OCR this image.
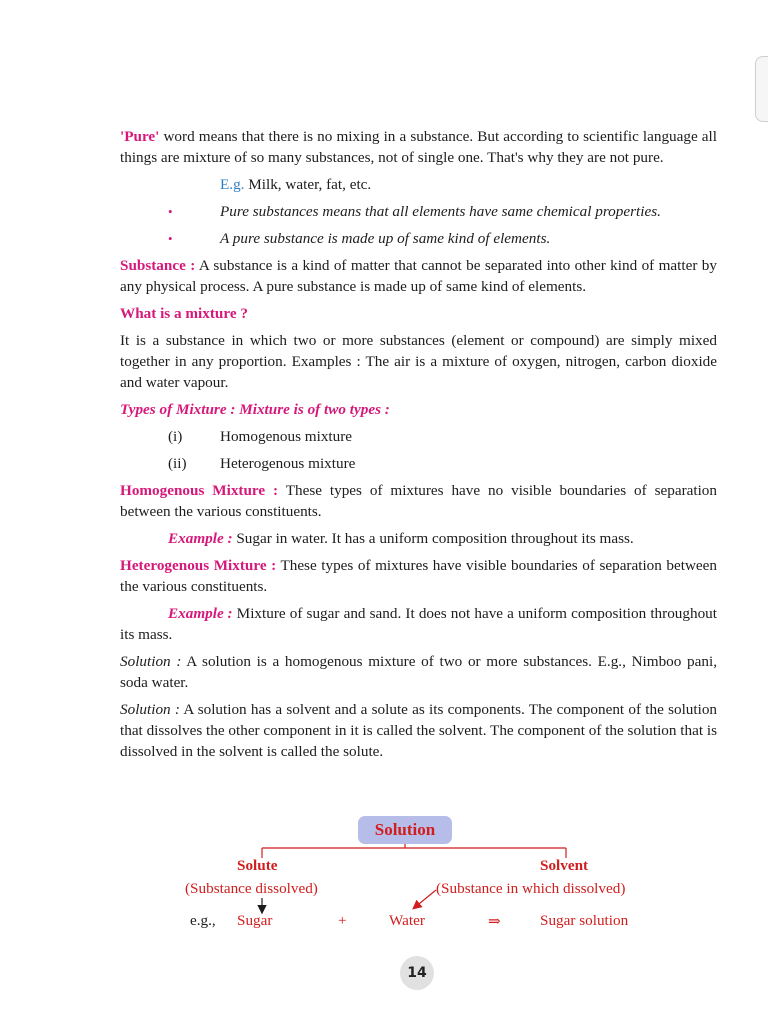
'Pure' word means that there is no mixing in a substance. But according to scientific language all things are mixture of so many substances, not of single one. That's why they are not pure.

E.g. Milk, water, fat, etc.

•	Pure substances means that all elements have same chemical properties.
•	A pure substance is made up of same kind of elements.

Substance : A substance is a kind of matter that cannot be separated into other kind of matter by any physical process. A pure substance is made up of same kind of elements.

What is a mixture ?

It is a substance in which two or more substances (element or compound) are simply mixed together in any proportion. Examples : The air is a mixture of oxygen, nitrogen, carbon dioxide and water vapour.

Types of Mixture : Mixture is of two types :

(i)	Homogenous mixture
(ii)	Heterogenous mixture

Homogenous Mixture : These types of mixtures have no visible boundaries of separation between the various constituents.

Example : Sugar in water. It has a uniform composition throughout its mass.

Heterogenous Mixture : These types of mixtures have visible boundaries of separation between the various constituents.

Example : Mixture of sugar and sand. It does not have a uniform composition throughout its mass.

Solution : A solution is a homogenous mixture of two or more substances. E.g., Nimboo pani, soda water.

Solution : A solution has a solvent and a solute as its components. The component of the solution that dissolves the other component in it is called the solvent. The component of the solution that is dissolved in the solvent is called the solute.

Solution
Solute	Solvent
(Substance dissolved)	(Substance in which dissolved)
e.g., Sugar	+	Water	⇒	Sugar solution
14
